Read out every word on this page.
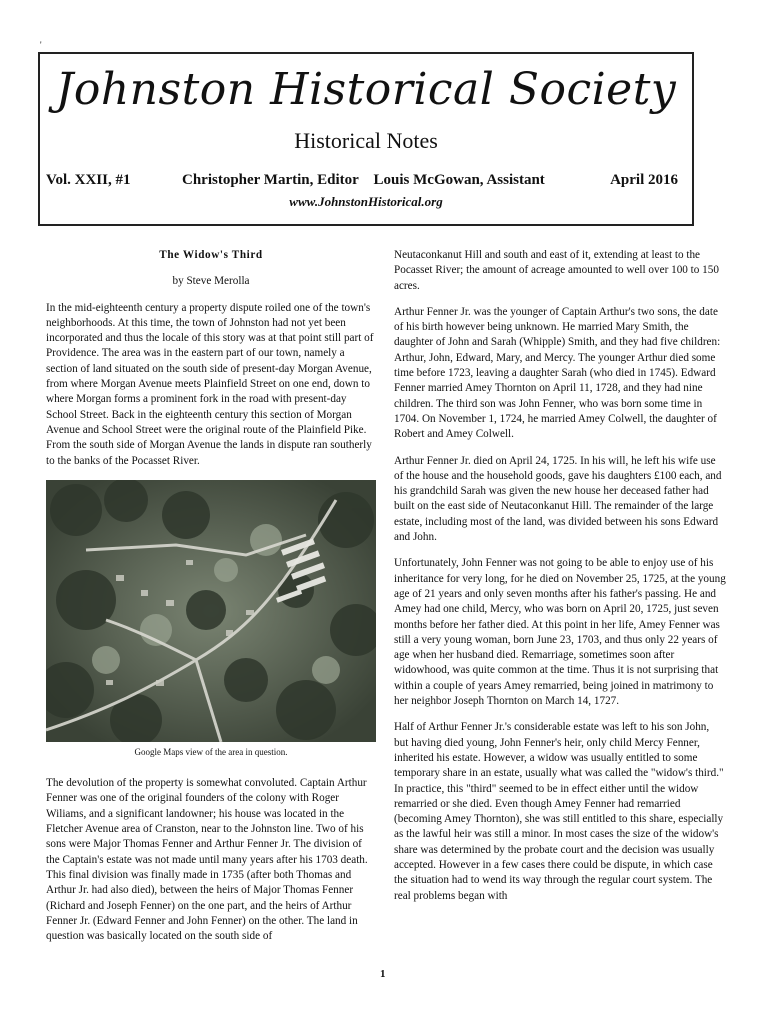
'
Johnston Historical Society
Historical Notes
Vol. XXII, #1	Christopher Martin, Editor    Louis McGowan, Assistant	April 2016
www.JohnstonHistorical.org

The Widow's Third

by Steve Merolla

In the mid-eighteenth century a property dispute roiled one of the town's neighborhoods. At this time, the town of Johnston had not yet been incorporated and thus the locale of this story was at that point still part of Providence. The area was in the eastern part of our town, namely a section of land situated on the south side of present-day Morgan Avenue, from where Morgan Avenue meets Plainfield Street on one end, down to where Morgan forms a prominent fork in the road with present-day School Street. Back in the eighteenth century this section of Morgan Avenue and School Street were the original route of the Plainfield Pike. From the south side of Morgan Avenue the lands in dispute ran southerly to the banks of the Pocasset River.

Google Maps view of the area in question.

The devolution of the property is somewhat convoluted. Captain Arthur Fenner was one of the original founders of the colony with Roger Wiliams, and a significant landowner; his house was located in the Fletcher Avenue area of Cranston, near to the Johnston line. Two of his sons were Major Thomas Fenner and Arthur Fenner Jr. The division of the Captain's estate was not made until many years after his 1703 death. This final division was finally made in 1735 (after both Thomas and Arthur Jr. had also died), between the heirs of Major Thomas Fenner (Richard and Joseph Fenner) on the one part, and the heirs of Arthur Fenner Jr. (Edward Fenner and John Fenner) on the other. The land in question was basically located on the south side of

Neutaconkanut Hill and south and east of it, extending at least to the Pocasset River; the amount of acreage amounted to well over 100 to 150 acres.

Arthur Fenner Jr. was the younger of Captain Arthur's two sons, the date of his birth however being unknown. He married Mary Smith, the daughter of John and Sarah (Whipple) Smith, and they had five children: Arthur, John, Edward, Mary, and Mercy. The younger Arthur died some time before 1723, leaving a daughter Sarah (who died in 1745). Edward Fenner married Amey Thornton on April 11, 1728, and they had nine children. The third son was John Fenner, who was born some time in 1704. On November 1, 1724, he married Amey Colwell, the daughter of Robert and Amey Colwell.

Arthur Fenner Jr. died on April 24, 1725. In his will, he left his wife use of the house and the household goods, gave his daughters £100 each, and his grandchild Sarah was given the new house her deceased father had built on the east side of Neutaconkanut Hill. The remainder of the large estate, including most of the land, was divided between his sons Edward and John.

Unfortunately, John Fenner was not going to be able to enjoy use of his inheritance for very long, for he died on November 25, 1725, at the young age of 21 years and only seven months after his father's passing. He and Amey had one child, Mercy, who was born on April 20, 1725, just seven months before her father died. At this point in her life, Amey Fenner was still a very young woman, born June 23, 1703, and thus only 22 years of age when her husband died. Remarriage, sometimes soon after widowhood, was quite common at the time. Thus it is not surprising that within a couple of years Amey remarried, being joined in matrimony to her neighbor Joseph Thornton on March 14, 1727.

Half of Arthur Fenner Jr.'s considerable estate was left to his son John, but having died young, John Fenner's heir, only child Mercy Fenner, inherited his estate. However, a widow was usually entitled to some temporary share in an estate, usually what was called the "widow's third." In practice, this "third" seemed to be in effect either until the widow remarried or she died. Even though Amey Fenner had remarried (becoming Amey Thornton), she was still entitled to this share, especially as the lawful heir was still a minor. In most cases the size of the widow's share was determined by the probate court and the decision was usually accepted. However in a few cases there could be dispute, in which case the situation had to wend its way through the regular court system. The real problems began with

1
